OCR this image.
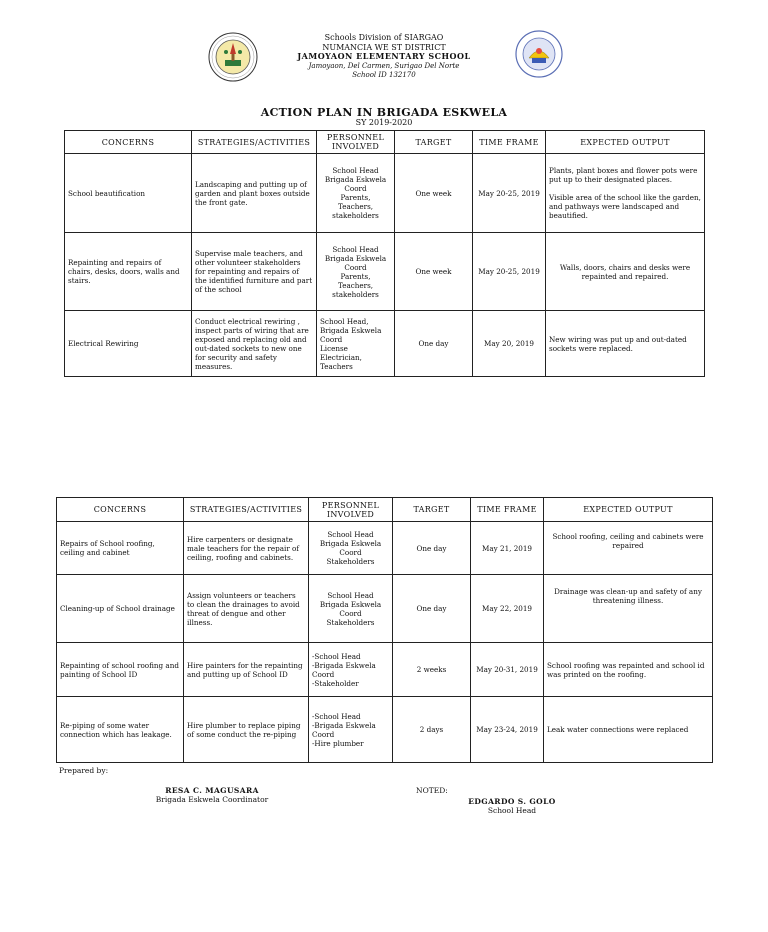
Schools Division of SIARGAO
NUMANCIA WE ST DISTRICT
JAMOYAON ELEMENTARY SCHOOL
Jamoyaon, Del Carmen, Surigao Del Norte
School ID 132170
ACTION PLAN IN BRIGADA ESKWELA
SY 2019-2020
CONCERNS	STRATEGIES/ACTIVITIES	PERSONNEL INVOLVED	TARGET	TIME FRAME	EXPECTED OUTPUT
School beautification	Landscaping and putting up of garden and plant boxes outside the front gate.	School Head
Brigada Eskwela Coord
Parents,
Teachers,
stakeholders	One week	May 20-25, 2019	Plants, plant boxes and flower pots were put up to their designated places.

Visible area of the school like the garden, and pathways were landscaped and beautified.
Repainting and repairs of chairs, desks, doors, walls and stairs.	Supervise male teachers, and other volunteer stakeholders for repainting and repairs of the identified furniture and part of the school	School Head
Brigada Eskwela Coord
Parents,
Teachers,
stakeholders	One week	May 20-25, 2019	Walls, doors, chairs and desks were repainted and repaired.
Electrical Rewiring	Conduct electrical rewiring , inspect parts of wiring that are exposed and replacing old and out-dated sockets to new one for security and safety measures.	School Head,
Brigada Eskwela Coord
License Electrician,
Teachers	One day	May 20, 2019	New wiring was put up and out-dated sockets were replaced.
CONCERNS	STRATEGIES/ACTIVITIES	PERSONNEL INVOLVED	TARGET	TIME FRAME	EXPECTED OUTPUT
Repairs of School roofing, ceiling and cabinet	Hire carpenters or designate male teachers for the repair of ceiling, roofing and cabinets.	School Head
Brigada Eskwela Coord
Stakeholders	One day	May 21, 2019	School roofing, ceiling and cabinets were repaired
Cleaning-up of School drainage	Assign volunteers or teachers to clean the drainages to avoid threat of dengue and other illness.	School Head
Brigada Eskwela Coord
Stakeholders	One day	May 22, 2019	Drainage was clean-up and safety of any threatening illness.
Repainting of school roofing and painting of School ID	Hire painters for the repainting and putting up of School ID	-School Head
-Brigada Eskwela Coord
-Stakeholder	2 weeks	May 20-31, 2019	School roofing was repainted and school id was printed on the roofing.
Re-piping of some water connection which has leakage.	Hire plumber to replace piping of some conduct the re-piping	-School Head
-Brigada Eskwela Coord
-Hire plumber	2 days	May 23-24, 2019	Leak water connections were replaced
Prepared by:
RESA C. MAGUSARA
Brigada Eskwela Coordinator
NOTED:
EDGARDO S. GOLO
School Head
